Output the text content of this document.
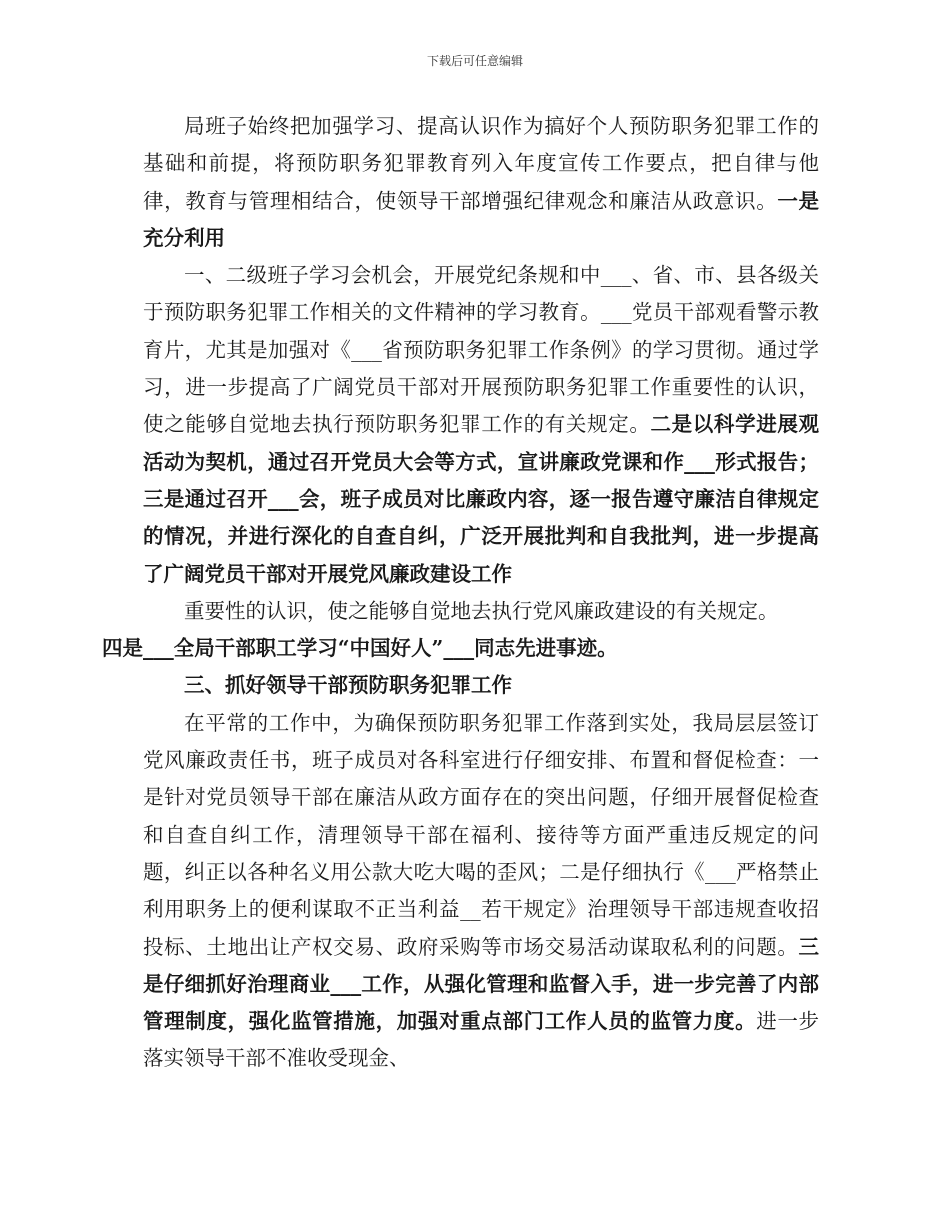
下载后可任意编辑

局班子始终把加强学习、提高认识作为搞好个人预防职务犯罪工作的基础和前提，将预防职务犯罪教育列入年度宣传工作要点，把自律与他律，教育与管理相结合，使领导干部增强纪律观念和廉洁从政意识。一是充分利用

一、二级班子学习会机会，开展党纪条规和中___、省、市、县各级关于预防职务犯罪工作相关的文件精神的学习教育。___党员干部观看警示教育片，尤其是加强对《___省预防职务犯罪工作条例》的学习贯彻。通过学习，进一步提高了广阔党员干部对开展预防职务犯罪工作重要性的认识，使之能够自觉地去执行预防职务犯罪工作的有关规定。二是以科学进展观活动为契机，通过召开党员大会等方式，宣讲廉政党课和作___形式报告；三是通过召开___会，班子成员对比廉政内容，逐一报告遵守廉洁自律规定的情况，并进行深化的自查自纠，广泛开展批判和自我批判，进一步提高了广阔党员干部对开展党风廉政建设工作

重要性的认识，使之能够自觉地去执行党风廉政建设的有关规定。
四是___全局干部职工学习“中国好人”___同志先进事迹。

三、抓好领导干部预防职务犯罪工作

在平常的工作中，为确保预防职务犯罪工作落到实处，我局层层签订党风廉政责任书，班子成员对各科室进行仔细安排、布置和督促检查：一是针对党员领导干部在廉洁从政方面存在的突出问题，仔细开展督促检查和自查自纠工作，清理领导干部在福利、接待等方面严重违反规定的问题，纠正以各种名义用公款大吃大喝的歪风；二是仔细执行《___严格禁止利用职务上的便利谋取不正当利益__若干规定》治理领导干部违规查收招投标、土地出让产权交易、政府采购等市场交易活动谋取私利的问题。三是仔细抓好治理商业___工作，从强化管理和监督入手，进一步完善了内部管理制度，强化监管措施，加强对重点部门工作人员的监管力度。进一步落实领导干部不准收受现金、
